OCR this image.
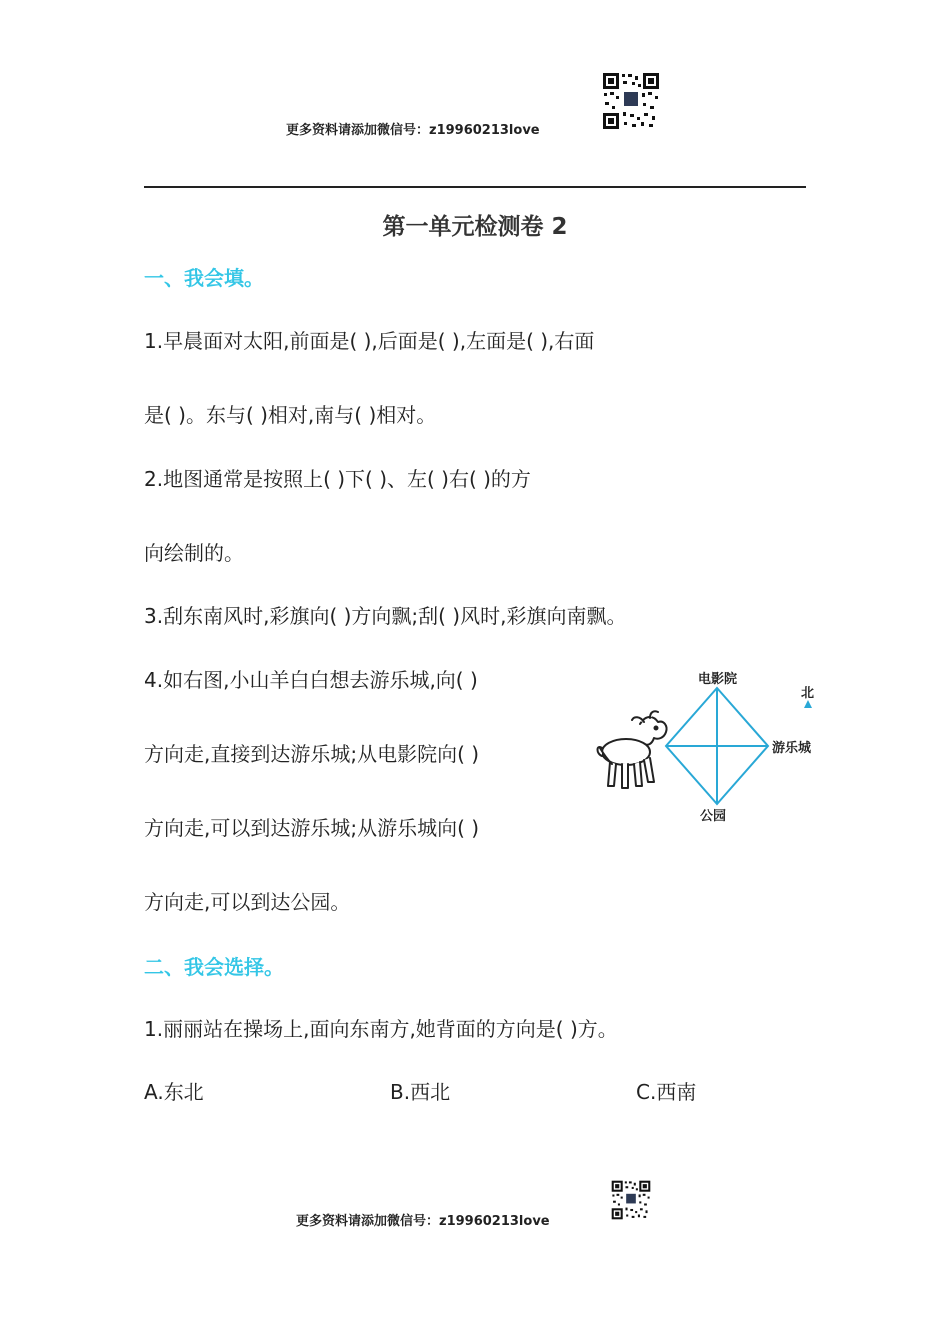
更多资料请添加微信号：z19960213love
第一单元检测卷 2
一、我会填。
1.早晨面对太阳,前面是( ),后面是( ),左面是( ),右面
是( )。东与( )相对,南与( )相对。
2.地图通常是按照上( )下( )、左( )右( )的方
向绘制的。
3.刮东南风时,彩旗向( )方向飘;刮( )风时,彩旗向南飘。
4.如右图,小山羊白白想去游乐城,向( )
方向走,直接到达游乐城;从电影院向( )
方向走,可以到达游乐城;从游乐城向( )
方向走,可以到达公园。
电影院
游乐城
公园
北
二、我会选择。
1.丽丽站在操场上,面向东南方,她背面的方向是( )方。
A.东北	B.西北	C.西南
更多资料请添加微信号：z19960213love
